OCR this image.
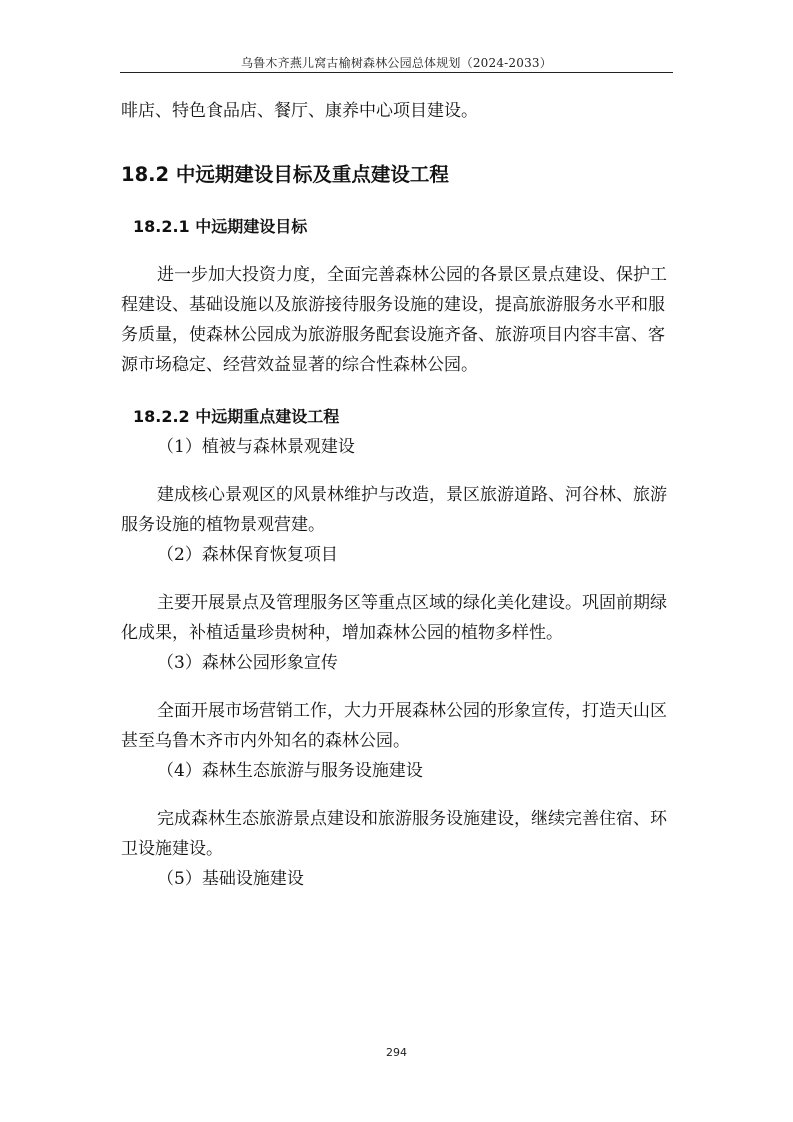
乌鲁木齐燕儿窝古榆树森林公园总体规划（2024-2033）

啡店、特色食品店、餐厅、康养中心项目建设。

18.2 中远期建设目标及重点建设工程
18.2.1 中远期建设目标

进一步加大投资力度，全面完善森林公园的各景区景点建设、保护工程建设、基础设施以及旅游接待服务设施的建设，提高旅游服务水平和服务质量，使森林公园成为旅游服务配套设施齐备、旅游项目内容丰富、客源市场稳定、经营效益显著的综合性森林公园。

18.2.2 中远期重点建设工程

（1）植被与森林景观建设

建成核心景观区的风景林维护与改造，景区旅游道路、河谷林、旅游服务设施的植物景观营建。

（2）森林保育恢复项目

主要开展景点及管理服务区等重点区域的绿化美化建设。巩固前期绿化成果，补植适量珍贵树种，增加森林公园的植物多样性。

（3）森林公园形象宣传

全面开展市场营销工作，大力开展森林公园的形象宣传，打造天山区甚至乌鲁木齐市内外知名的森林公园。

（4）森林生态旅游与服务设施建设

完成森林生态旅游景点建设和旅游服务设施建设，继续完善住宿、环卫设施建设。

（5）基础设施建设

294
